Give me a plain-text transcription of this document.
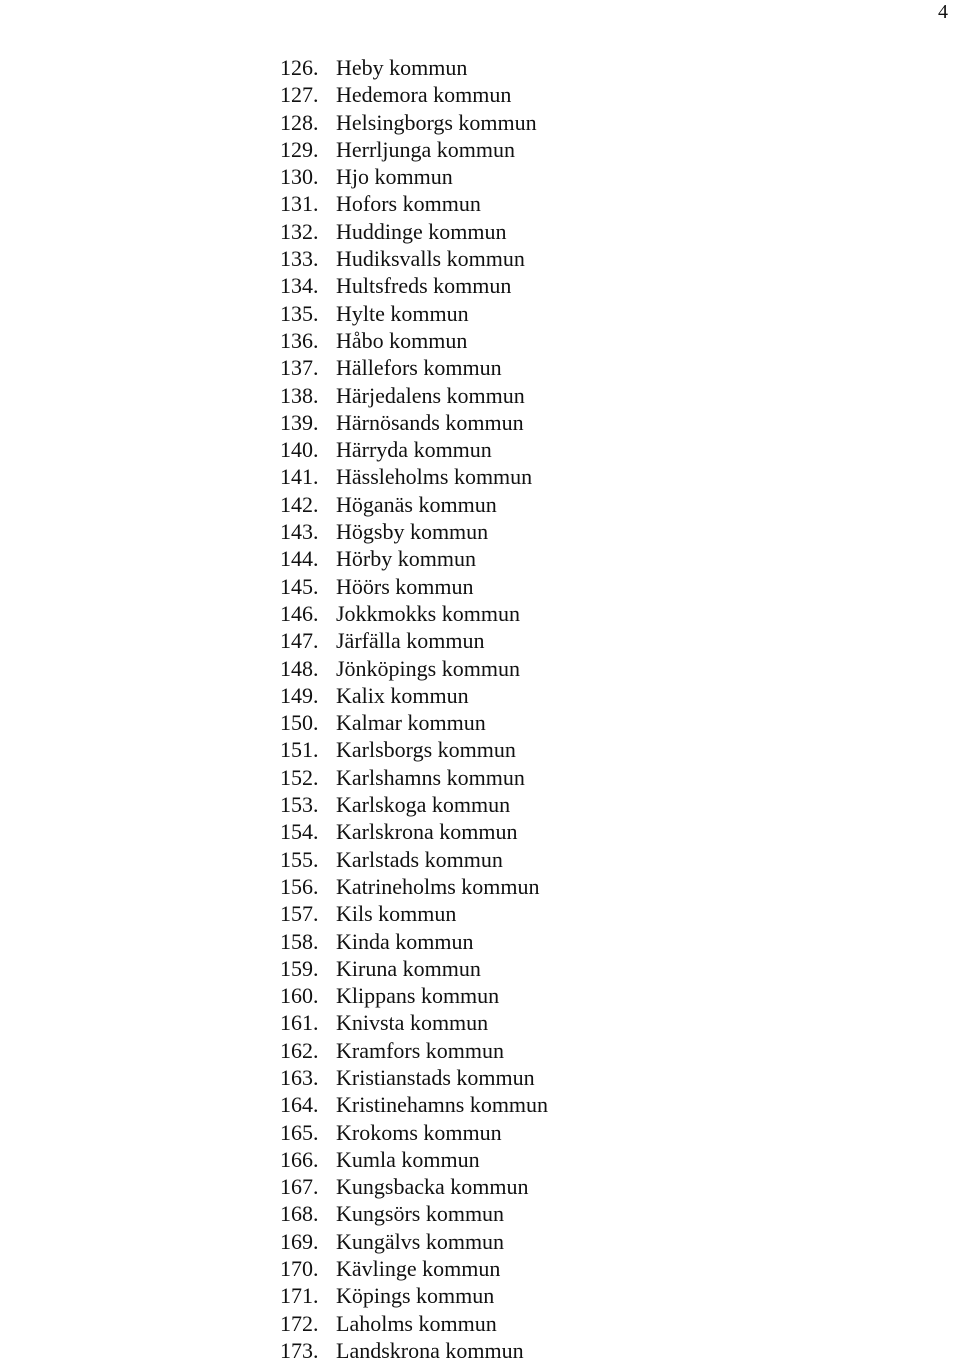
4
126. Heby kommun
127. Hedemora kommun
128. Helsingborgs kommun
129. Herrljunga kommun
130. Hjo kommun
131. Hofors kommun
132. Huddinge kommun
133. Hudiksvalls kommun
134. Hultsfreds kommun
135. Hylte kommun
136. Håbo kommun
137. Hällefors kommun
138. Härjedalens kommun
139. Härnösands kommun
140. Härryda kommun
141. Hässleholms kommun
142. Höganäs kommun
143. Högsby kommun
144. Hörby kommun
145. Höörs kommun
146. Jokkmokks kommun
147. Järfälla kommun
148. Jönköpings kommun
149. Kalix kommun
150. Kalmar kommun
151. Karlsborgs kommun
152. Karlshamns kommun
153. Karlskoga kommun
154. Karlskrona kommun
155. Karlstads kommun
156. Katrineholms kommun
157. Kils kommun
158. Kinda kommun
159. Kiruna kommun
160. Klippans kommun
161. Knivsta kommun
162. Kramfors kommun
163. Kristianstads kommun
164. Kristinehamns kommun
165. Krokoms kommun
166. Kumla kommun
167. Kungsbacka kommun
168. Kungsörs kommun
169. Kungälvs kommun
170. Kävlinge kommun
171. Köpings kommun
172. Laholms kommun
173. Landskrona kommun
